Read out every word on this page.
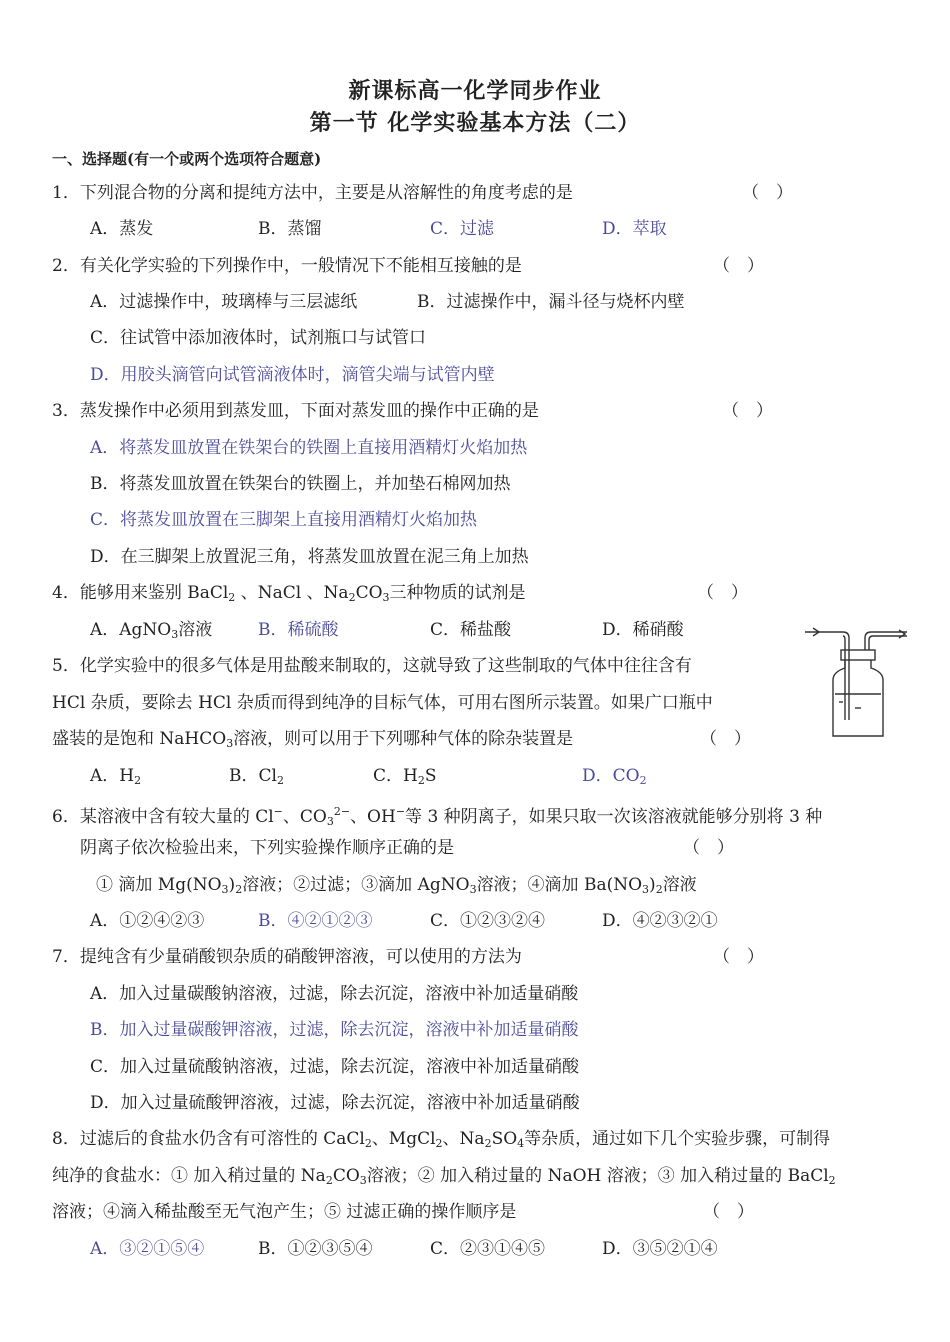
新课标高一化学同步作业
第一节 化学实验基本方法（二）
一、选择题(有一个或两个选项符合题意)
1．下列混合物的分离和提纯方法中，主要是从溶解性的角度考虑的是	（　）
A．蒸发	B．蒸馏	C．过滤	D．萃取
2．有关化学实验的下列操作中，一般情况下不能相互接触的是	（　）
A．过滤操作中，玻璃棒与三层滤纸	B．过滤操作中，漏斗径与烧杯内壁
C．往试管中添加液体时，试剂瓶口与试管口
D．用胶头滴管向试管滴液体时，滴管尖端与试管内壁
3．蒸发操作中必须用到蒸发皿，下面对蒸发皿的操作中正确的是	（　）
A．将蒸发皿放置在铁架台的铁圈上直接用酒精灯火焰加热
B．将蒸发皿放置在铁架台的铁圈上，并加垫石棉网加热
C．将蒸发皿放置在三脚架上直接用酒精灯火焰加热
D．在三脚架上放置泥三角，将蒸发皿放置在泥三角上加热
4．能够用来鉴别 BaCl$_2$ 、NaCl 、$Na_2CO_3$三种物质的试剂是	（　）
A．AgNO$_3$溶液	B．稀硫酸	C．稀盐酸	D．稀硝酸
5．化学实验中的很多气体是用盐酸来制取的，这就导致了这些制取的气体中往往含有
HCl 杂质，要除去 HCl 杂质而得到纯净的目标气体，可用右图所示装置。如果广口瓶中
盛装的是饱和 NaHCO$_3$溶液，则可以用于下列哪种气体的除杂装置是	（　）
A．$H_2$	B．$Cl_2$	C．$H_2S$	D．$CO_2$
6．某溶液中含有较大量的 Cl−、$CO_3^{2-}$、OH−等 3 种阴离子，如果只取一次该溶液就能够分别将 3 种
阴离子依次检验出来，下列实验操作顺序正确的是	（　）
① 滴加 $Mg(NO_3)_2$溶液；②过滤；③滴加 AgNO$_3$溶液；④滴加 $Ba(NO_3)_2$溶液
A．①②④②③	B．④②①②③	C．①②③②④	D．④②③②①
7．提纯含有少量硝酸钡杂质的硝酸钾溶液，可以使用的方法为	（　）
A．加入过量碳酸钠溶液，过滤，除去沉淀，溶液中补加适量硝酸
B．加入过量碳酸钾溶液，过滤，除去沉淀，溶液中补加适量硝酸
C．加入过量硫酸钠溶液，过滤，除去沉淀，溶液中补加适量硝酸
D．加入过量硫酸钾溶液，过滤，除去沉淀，溶液中补加适量硝酸
8．过滤后的食盐水仍含有可溶性的 CaCl$_2$、MgCl$_2$、$Na_2SO_4$等杂质，通过如下几个实验步骤，可制得
纯净的食盐水：① 加入稍过量的 $Na_2CO_3$溶液；② 加入稍过量的 NaOH 溶液；③ 加入稍过量的 BaCl$_2$
溶液；④滴入稀盐酸至无气泡产生；⑤ 过滤正确的操作顺序是	（　）
A．③②①⑤④	B．①②③⑤④	C．②③①④⑤	D．③⑤②①④
